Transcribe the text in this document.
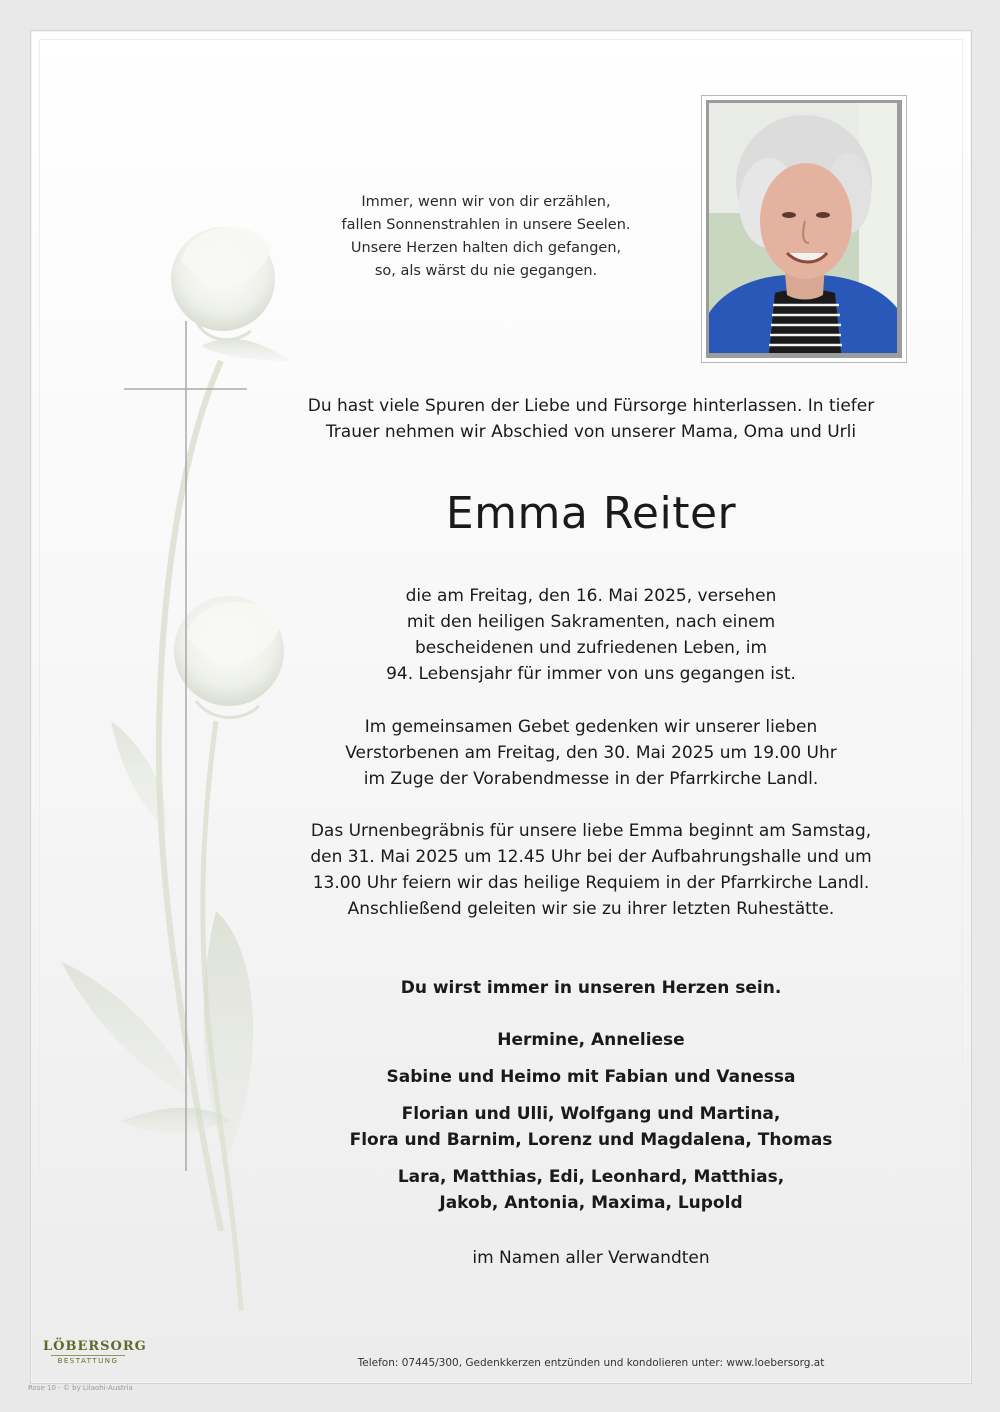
Immer, wenn wir von dir erzählen,
fallen Sonnenstrahlen in unsere Seelen.
Unsere Herzen halten dich gefangen,
so, als wärst du nie gegangen.
Du hast viele Spuren der Liebe und Fürsorge hinterlassen. In tiefer
Trauer nehmen wir Abschied von unserer Mama, Oma und Urli
Emma Reiter
die am Freitag, den 16. Mai 2025, versehen
mit den heiligen Sakramenten, nach einem
bescheidenen und zufriedenen Leben, im
94. Lebensjahr für immer von uns gegangen ist.
Im gemeinsamen Gebet gedenken wir unserer lieben
Verstorbenen am Freitag, den 30. Mai 2025 um 19.00 Uhr
im Zuge der Vorabendmesse in der Pfarrkirche Landl.
Das Urnenbegräbnis für unsere liebe Emma beginnt am Samstag,
den 31. Mai 2025 um 12.45 Uhr bei der Aufbahrungshalle und um
13.00 Uhr feiern wir das heilige Requiem in der Pfarrkirche Landl.
Anschließend geleiten wir sie zu ihrer letzten Ruhestätte.
Du wirst immer in unseren Herzen sein.
Hermine, Anneliese
Sabine und Heimo mit Fabian und Vanessa
Florian und Ulli, Wolfgang und Martina,
Flora und Barnim, Lorenz und Magdalena, Thomas
Lara, Matthias, Edi, Leonhard, Matthias,
Jakob, Antonia, Maxima, Lupold
im Namen aller Verwandten
LÖBERSORG
BESTATTUNG	Telefon: 07445/300, Gedenkkerzen entzünden und kondolieren unter: www.loebersorg.at
Rose 10 - © by Lilaohi-Austria
